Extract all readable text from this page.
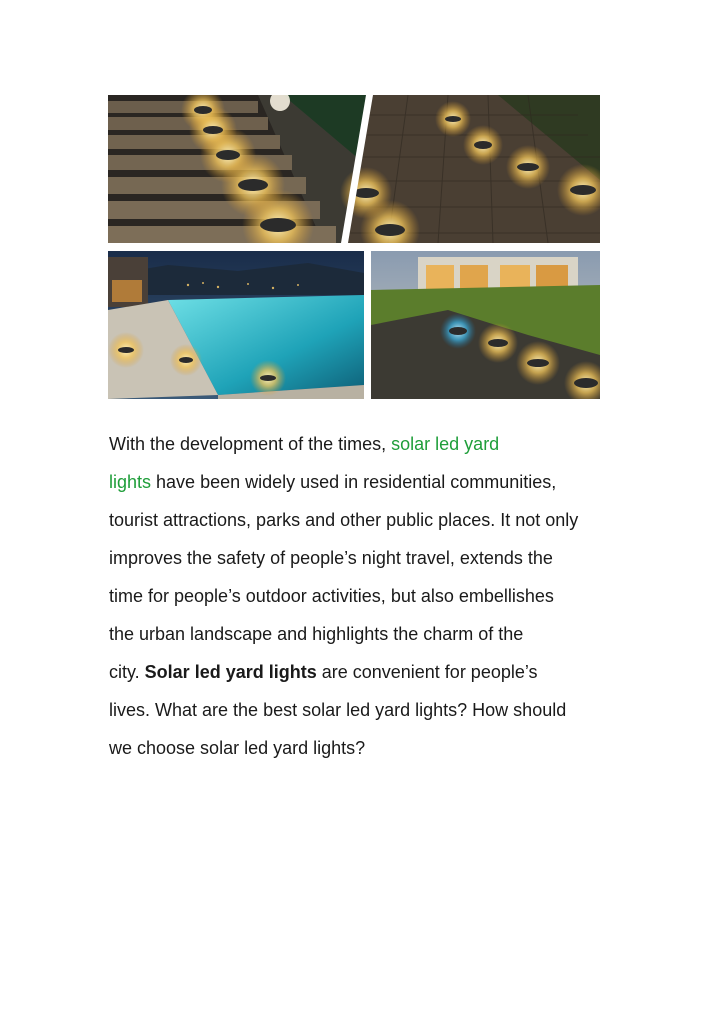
With the development of the times, solar led yard
lights have been widely used in residential communities,
tourist attractions, parks and other public places. It not only
improves the safety of people’s night travel, extends the
time for people’s outdoor activities, but also embellishes
the urban landscape and highlights the charm of the
city. Solar led yard lights are convenient for people’s
lives. What are the best solar led yard lights? How should
we choose solar led yard lights?
